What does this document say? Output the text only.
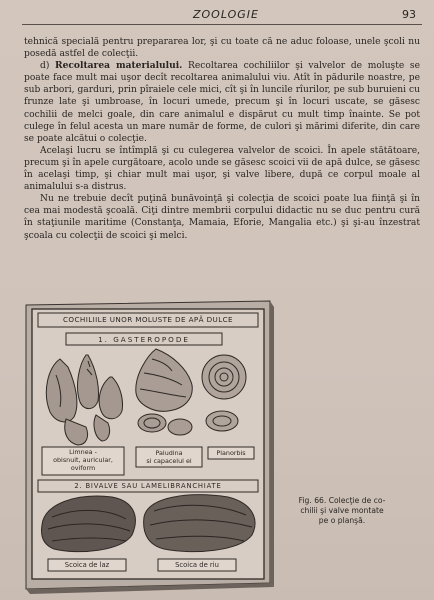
ZOOLOGIE	93

tehnică specială pentru prepararea lor, şi cu toate că ne aduc foloase, unele şcoli nu posedă astfel de colecţii.

d) Recoltarea materialului. Recoltarea cochiliilor şi valvelor de moluşte se poate face mult mai uşor decît recoltarea animalului viu. Atît în pădurile noastre, pe sub arbori, garduri, prin pîraiele cele mici, cît şi în luncile rîurilor, pe sub buruieni cu frunze late şi umbroase, în locuri umede, precum şi în locuri uscate, se găsesc cochilii de melci goale, din care animalul e dispărut cu mult timp înainte. Se pot culege în felul acesta un mare număr de forme, de culori şi mărimi diferite, din care se poate alcătui o colecţie.

Acelaşi lucru se întîmplă şi cu culegerea valvelor de scoici. În apele stătătoare, precum şi în apele curgătoare, acolo unde se găsesc scoici vii de apă dulce, se găsesc în acelaşi timp, şi chiar mult mai uşor, şi valve libere, după ce corpul moale al animalului s-a distrus.

Nu ne trebuie decît puţină bunăvoinţă şi colecţia de scoici poate lua fiinţă şi în cea mai modestă şcoală. Ciţi dintre membrii corpului didactic nu se duc pentru cură în staţiunile maritime (Constanţa, Mamaia, Eforie, Mangalia etc.) şi şi-au înzestrat şcoala cu colecţii de scoici şi melci.

COCHILIILE UNOR MOLUSTE DE APĂ DULCE
1. GASTEROPODE
Limnea -
obisnuit, auricular,
oviform
Paludina
si capacelul ei
Planorbis
2. BIVALVE SAU LAMELIBRANCHIATE
Scoica de laz	Scoica de riu
Fig. 66. Colecţie de co-
chilii şi valve montate
pe o planşă.
